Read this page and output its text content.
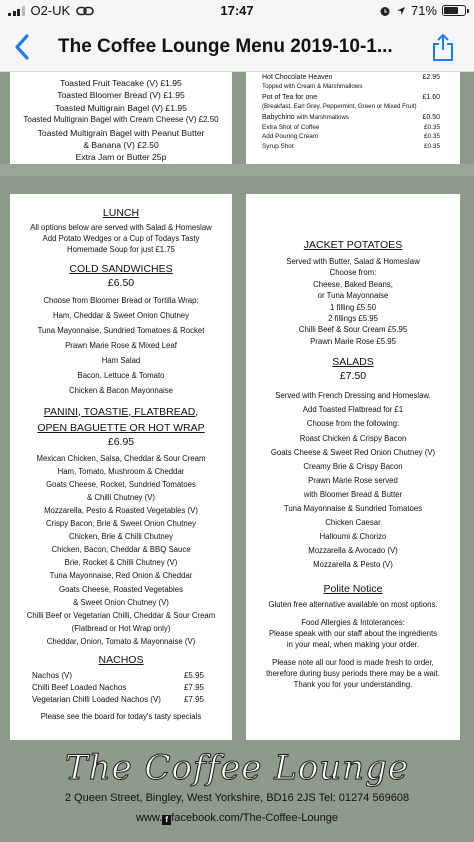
O2-UK	17:47	71%
The Coffee Lounge Menu 2019-10-1...
Toasted Fruit Teacake (V) £1.95
Toasted Bloomer Bread (V) £1.95
Toasted Multigrain Bagel (V) £1.95
Toasted Multigrain Bagel with Cream Cheese (V) £2.50
Toasted Multigrain Bagel with Peanut Butter
& Banana (V) £2.50
Extra Jam or Butter 25p
Hot Chocolate Heaven	£2.95
Topped with Cream & Marshmallows
Pot of Tea for one	£1.60
(Breakfast, Earl Grey, Peppermint, Green or Mixed Fruit)
Babychino with Marshmallows	£0.50
Extra Shot of Coffee	£0.35
Add Pouring Cream	£0.35
Syrup Shot	£0.35
LUNCH
All options below are served with Salad & Homeslaw
Add Potato Wedges or a Cup of Todays Tasty
Homemade Soup for just £1.75
COLD SANDWICHES
£6.50
Choose from Bloomer Bread or Tortilla Wrap:
Ham, Cheddar & Sweet Onion Chutney
Tuna Mayonnaise, Sundried Tomatoes & Rocket
Prawn Marie Rose & Mixed Leaf
Ham Salad
Bacon, Lettuce & Tomato
Chicken & Bacon Mayonnaise
PANINI, TOASTIE, FLATBREAD,
OPEN BAGUETTE OR HOT WRAP
£6.95
Mexican Chicken, Salsa, Cheddar & Sour Cream
Ham, Tomato, Mushroom & Cheddar
Goats Cheese, Rocket, Sundried Tomatoes
& Chilli Chutney (V)
Mozzarella, Pesto & Roasted Vegetables (V)
Crispy Bacon, Brie & Sweet Onion Chutney
Chicken, Brie & Chilli Chutney
Chicken, Bacon, Cheddar & BBQ Sauce
Brie, Rocket & Chilli Chutney (V)
Tuna Mayonnaise, Red Onion & Cheddar
Goats Cheese, Roasted Vegetables
& Sweet Onion Chutney (V)
Chilli Beef or Vegetarian Chilli, Cheddar & Sour Cream
(Flatbread or Hot Wrap only)
Cheddar, Onion, Tomato & Mayonnaise (V)
NACHOS
Nachos (V)	£5.95
Chilli Beef Loaded Nachos	£7.95
Vegetarian Chilli Loaded Nachos (V)	£7.95
Please see the board for today's tasty specials
JACKET POTATOES
Served with Butter, Salad & Homeslaw
Choose from:
Cheese, Baked Beans,
or Tuna Mayonnaise
1 filling £5.50
2 fillings £5.95
Chilli Beef & Sour Cream £5.95
Prawn Marie Rose £5.95
SALADS
£7.50
Served with French Dressing and Homeslaw.
Add Toasted Flatbread for £1
Choose from the following:
Roast Chicken & Crispy Bacon
Goats Cheese & Sweet Red Onion Chutney (V)
Creamy Brie & Crispy Bacon
Prawn Marie Rose served
with Bloomer Bread & Butter
Tuna Mayonnaise & Sundried Tomatoes
Chicken Caesar
Halloumi & Chorizo
Mozzarella & Avocado (V)
Mozzarella & Pesto (V)
Polite Notice
Gluten free alternative available on most options.
Food Allergies & Intolerances:
Please speak with our staff about the ingredients
in your meal, when making your order.
Please note all our food is made fresh to order,
therefore during busy periods there may be a wait.
Thank you for your understanding.
The Coffee Lounge
2 Queen Street, Bingley, West Yorkshire, BD16 2JS Tel: 01274 569608
www. f facebook.com/The-Coffee-Lounge
